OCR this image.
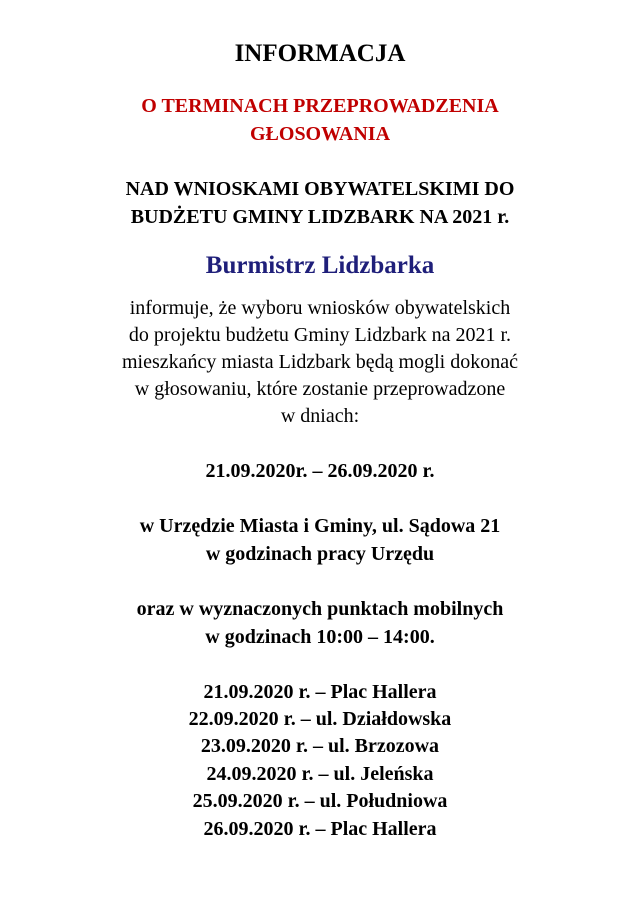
INFORMACJA
O TERMINACH PRZEPROWADZENIA
GŁOSOWANIA
NAD WNIOSKAMI OBYWATELSKIMI DO
BUDŻETU GMINY LIDZBARK NA 2021 r.
Burmistrz Lidzbarka
informuje, że wyboru wniosków obywatelskich
do projektu budżetu Gminy Lidzbark na 2021 r.
mieszkańcy miasta Lidzbark będą mogli dokonać
w głosowaniu, które zostanie przeprowadzone
w dniach:
21.09.2020r. – 26.09.2020 r.
w Urzędzie Miasta i Gminy, ul. Sądowa 21
w godzinach pracy Urzędu
oraz w wyznaczonych punktach mobilnych
w godzinach 10:00 – 14:00.
21.09.2020 r. – Plac Hallera
22.09.2020 r. – ul. Działdowska
23.09.2020 r. – ul. Brzozowa
24.09.2020 r. – ul. Jeleńska
25.09.2020 r. – ul. Południowa
26.09.2020 r. – Plac Hallera
